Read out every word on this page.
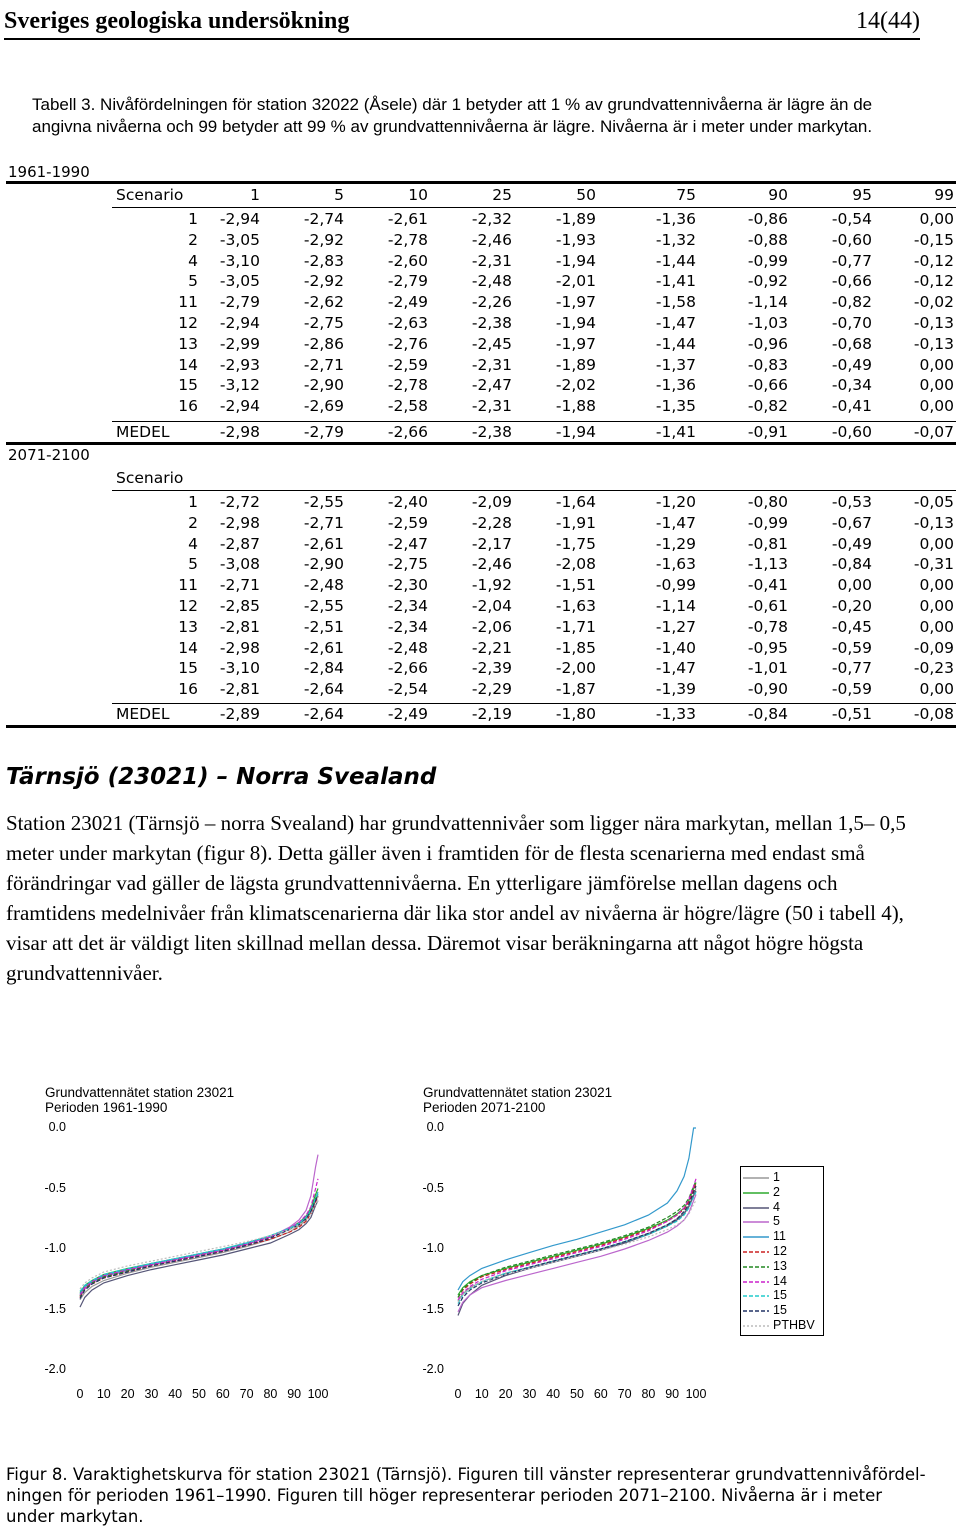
Sveriges geologiska undersökning	14(44)
Tabell 3. Nivåfördelningen för station 32022 (Åsele) där 1 betyder att 1 % av grundvattennivåerna är lägre än de angivna nivåerna och 99 betyder att 99 % av grundvattennivåerna är lägre. Nivåerna är i meter under markytan.
1961-1990
Scenario	1	5	10	25	50	75	90	95	99
1	-2,94	-2,74	-2,61	-2,32	-1,89	-1,36	-0,86	-0,54	0,00
2	-3,05	-2,92	-2,78	-2,46	-1,93	-1,32	-0,88	-0,60	-0,15
4	-3,10	-2,83	-2,60	-2,31	-1,94	-1,44	-0,99	-0,77	-0,12
5	-3,05	-2,92	-2,79	-2,48	-2,01	-1,41	-0,92	-0,66	-0,12
11	-2,79	-2,62	-2,49	-2,26	-1,97	-1,58	-1,14	-0,82	-0,02
12	-2,94	-2,75	-2,63	-2,38	-1,94	-1,47	-1,03	-0,70	-0,13
13	-2,99	-2,86	-2,76	-2,45	-1,97	-1,44	-0,96	-0,68	-0,13
14	-2,93	-2,71	-2,59	-2,31	-1,89	-1,37	-0,83	-0,49	0,00
15	-3,12	-2,90	-2,78	-2,47	-2,02	-1,36	-0,66	-0,34	0,00
16	-2,94	-2,69	-2,58	-2,31	-1,88	-1,35	-0,82	-0,41	0,00
MEDEL	-2,98	-2,79	-2,66	-2,38	-1,94	-1,41	-0,91	-0,60	-0,07
2071-2100
Scenario
1	-2,72	-2,55	-2,40	-2,09	-1,64	-1,20	-0,80	-0,53	-0,05
2	-2,98	-2,71	-2,59	-2,28	-1,91	-1,47	-0,99	-0,67	-0,13
4	-2,87	-2,61	-2,47	-2,17	-1,75	-1,29	-0,81	-0,49	0,00
5	-3,08	-2,90	-2,75	-2,46	-2,08	-1,63	-1,13	-0,84	-0,31
11	-2,71	-2,48	-2,30	-1,92	-1,51	-0,99	-0,41	0,00	0,00
12	-2,85	-2,55	-2,34	-2,04	-1,63	-1,14	-0,61	-0,20	0,00
13	-2,81	-2,51	-2,34	-2,06	-1,71	-1,27	-0,78	-0,45	0,00
14	-2,98	-2,61	-2,48	-2,21	-1,85	-1,40	-0,95	-0,59	-0,09
15	-3,10	-2,84	-2,66	-2,39	-2,00	-1,47	-1,01	-0,77	-0,23
16	-2,81	-2,64	-2,54	-2,29	-1,87	-1,39	-0,90	-0,59	0,00
MEDEL	-2,89	-2,64	-2,49	-2,19	-1,80	-1,33	-0,84	-0,51	-0,08
Tärnsjö (23021) – Norra Svealand
Station 23021 (Tärnsjö – norra Svealand) har grundvattennivåer som ligger nära markytan, mellan 1,5– 0,5 meter under markytan (figur 8). Detta gäller även i framtiden för de flesta scenarierna med endast små förändringar vad gäller de lägsta grundvattennivåerna. En ytterligare jämförelse mellan dagens och framtidens medelnivåer från klimatscenarierna där lika stor andel av nivåerna är högre/lägre (50 i tabell 4), visar att det är väldigt liten skillnad mellan dessa. Däremot visar beräkningarna att något högre högsta grundvattennivåer.
1
2
4
5
11
12
13
14
15
15
PTHBV
Figur 8. Varaktighetskurva för station 23021 (Tärnsjö). Figuren till vänster representerar grundvattennivåfördel-ningen för perioden 1961–1990. Figuren till höger representerar perioden 2071–2100. Nivåerna är i meter under markytan.
Grundvattennätet station 23021
Perioden 1961-1990
0.0
-0.5
-1.0
-1.5
-2.0
0	10 20 30 40 50 60 70 80 90 100
Grundvattennätet station 23021
Perioden 2071-2100
0.0
-0.5
-1.0
-1.5
-2.0
0	10 20 30 40 50 60 70 80 90 100
